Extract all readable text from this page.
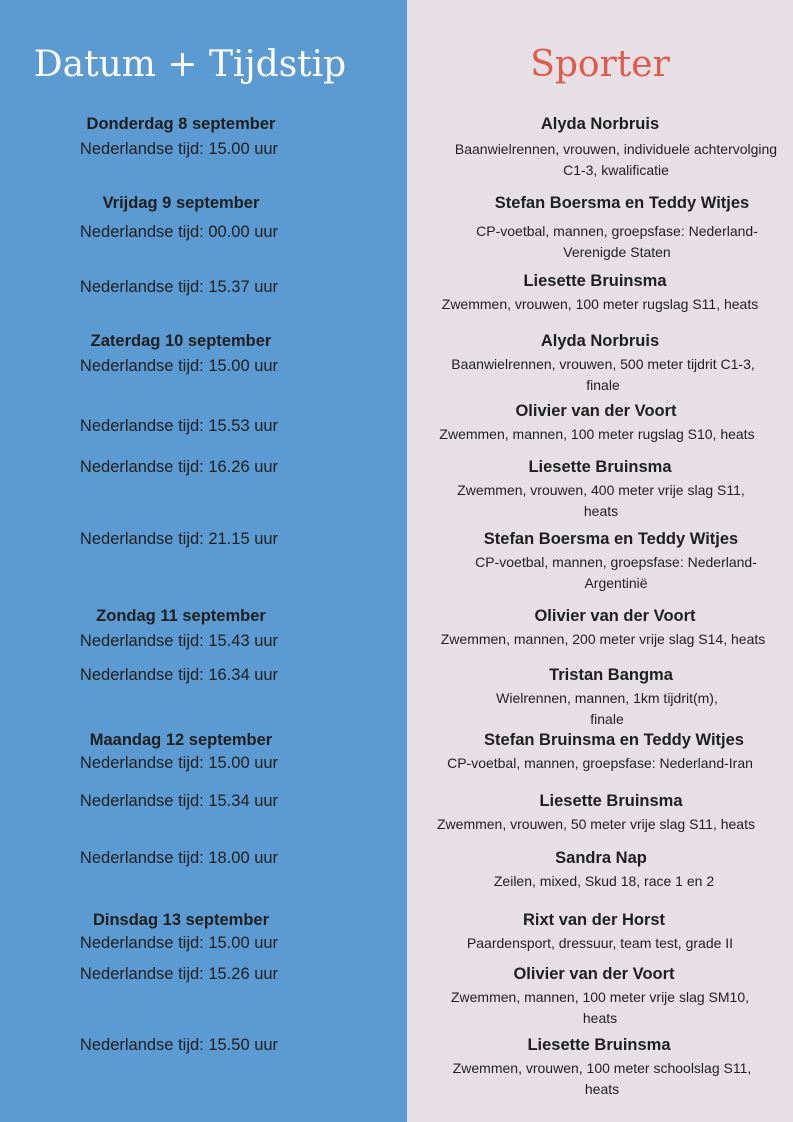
Datum + Tijdstip	Sporter
Donderdag 8 september
Vrijdag 9 september
Zaterdag 10 september
Zondag 11 september
Maandag 12 september
Dinsdag 13 september
Nederlandse tijd: 15.00 uur
Nederlandse tijd: 00.00 uur
Nederlandse tijd: 15.37 uur
Nederlandse tijd: 15.00 uur
Nederlandse tijd: 15.53 uur
Nederlandse tijd: 16.26 uur
Nederlandse tijd: 21.15 uur
Nederlandse tijd: 15.43 uur
Nederlandse tijd: 16.34 uur
Nederlandse tijd: 15.00 uur
Nederlandse tijd: 15.34 uur
Nederlandse tijd: 18.00 uur
Nederlandse tijd: 15.00 uur
Nederlandse tijd: 15.26 uur
Nederlandse tijd: 15.50 uur
Alyda Norbruis
Stefan Boersma en Teddy Witjes
Liesette Bruinsma
Alyda Norbruis
Olivier van der Voort
Liesette Bruinsma
Stefan Boersma en Teddy Witjes
Olivier van der Voort
Tristan Bangma
Stefan Bruinsma en Teddy Witjes
Liesette Bruinsma
Sandra Nap
Rixt van der Horst
Olivier van der Voort
Liesette Bruinsma
Baanwielrennen, vrouwen, individuele achtervolging
C1-3, kwalificatie
CP-voetbal, mannen, groepsfase: Nederland-
Verenigde Staten
Zwemmen, vrouwen, 100 meter rugslag S11, heats
Baanwielrennen, vrouwen, 500 meter tijdrit C1-3,
finale
Zwemmen, mannen, 100 meter rugslag S10, heats
Zwemmen, vrouwen, 400 meter vrije slag S11,
heats
CP-voetbal, mannen, groepsfase: Nederland-
Argentinië
Zwemmen, mannen, 200 meter vrije slag S14, heats
Wielrennen, mannen, 1km tijdrit(m),
finale
CP-voetbal, mannen, groepsfase: Nederland-Iran
Zwemmen, vrouwen, 50 meter vrije slag S11, heats
Zeilen, mixed, Skud 18, race 1 en 2
Paardensport, dressuur, team test, grade II
Zwemmen, mannen, 100 meter vrije slag SM10,
heats
Zwemmen, vrouwen, 100 meter schoolslag S11,
heats
